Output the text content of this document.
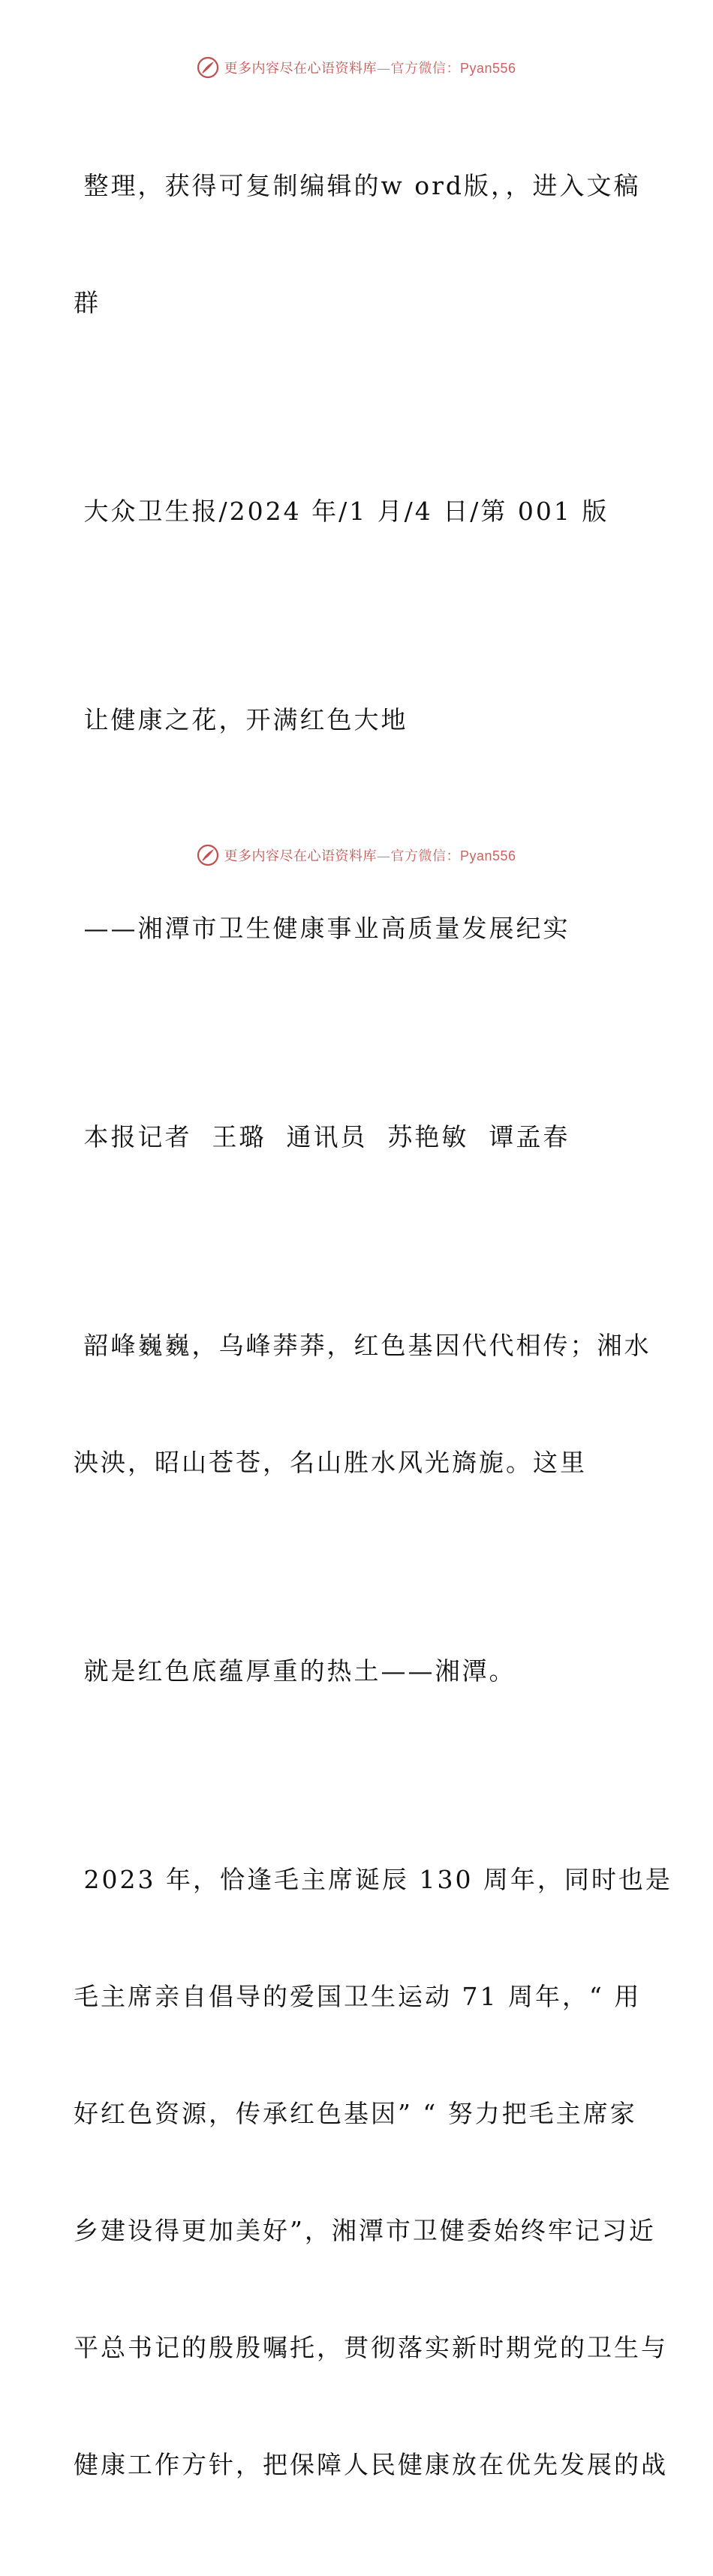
更多内容尽在心语资料库—官方微信：Pyan556

整理，获得可复制编辑的w ord版，，进入文稿

群

大众卫生报/2024 年/1 月/4 日/第 001 版

让健康之花，开满红色大地

——湘潭市卫生健康事业高质量发展纪实

本报记者  王璐  通讯员  苏艳敏  谭孟春

韶峰巍巍，乌峰莽莽，红色基因代代相传；湘水

泱泱，昭山苍苍，名山胜水风光旖旎。这里

就是红色底蕴厚重的热土——湘潭。

2023 年，恰逢毛主席诞辰 130 周年，同时也是

毛主席亲自倡导的爱国卫生运动 71 周年，“ 用

好红色资源，传承红色基因” “ 努力把毛主席家

乡建设得更加美好”，湘潭市卫健委始终牢记习近

平总书记的殷殷嘱托，贯彻落实新时期党的卫生与

健康工作方针，把保障人民健康放在优先发展的战

更多内容尽在心语资料库—官方微信：Pyan556
